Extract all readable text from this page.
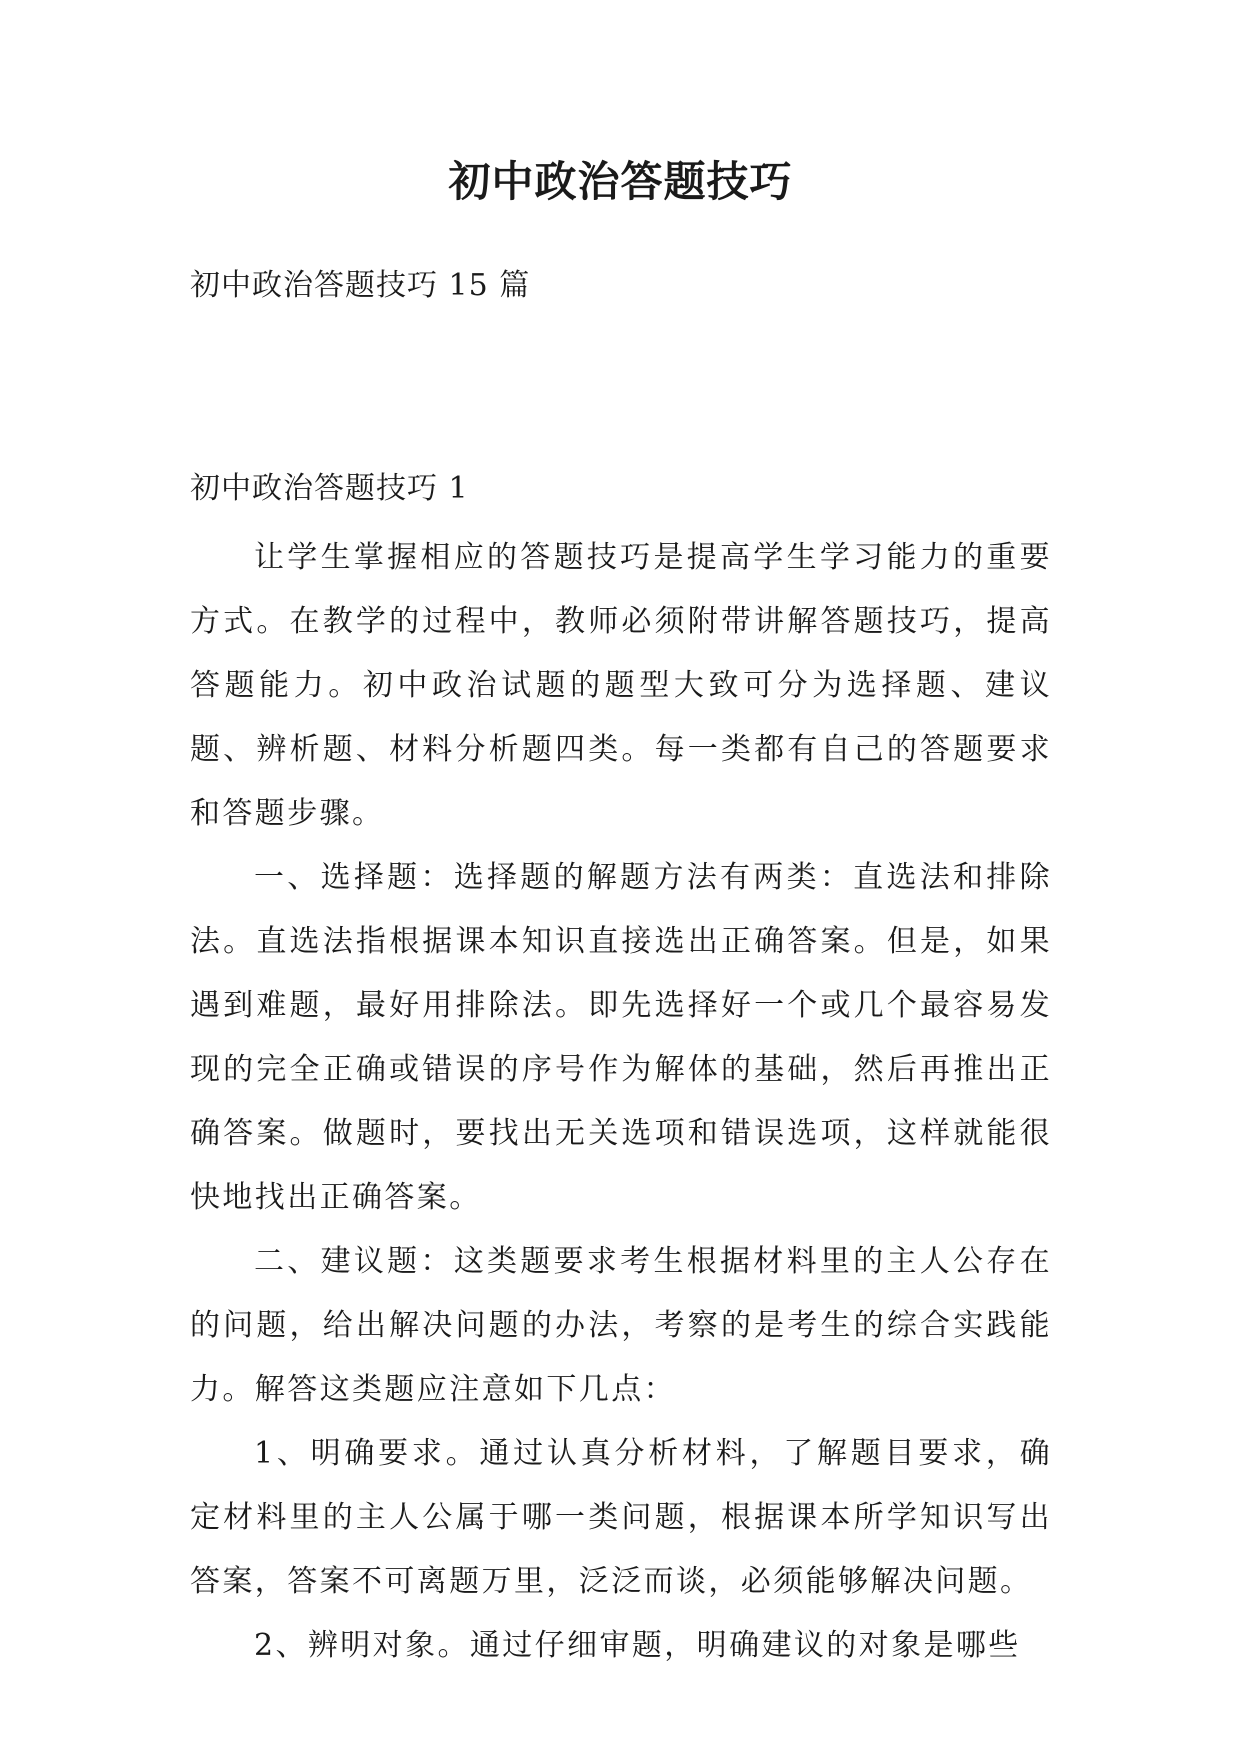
初中政治答题技巧

初中政治答题技巧 15 篇

初中政治答题技巧 1

让学生掌握相应的答题技巧是提高学生学习能力的重要方式。在教学的过程中，教师必须附带讲解答题技巧，提高答题能力。初中政治试题的题型大致可分为选择题、建议题、辨析题、材料分析题四类。每一类都有自己的答题要求和答题步骤。

一、选择题：选择题的解题方法有两类：直选法和排除法。直选法指根据课本知识直接选出正确答案。但是，如果遇到难题，最好用排除法。即先选择好一个或几个最容易发现的完全正确或错误的序号作为解体的基础，然后再推出正确答案。做题时，要找出无关选项和错误选项，这样就能很快地找出正确答案。

二、建议题：这类题要求考生根据材料里的主人公存在的问题，给出解决问题的办法，考察的是考生的综合实践能力。解答这类题应注意如下几点：

1、明确要求。通过认真分析材料，了解题目要求，确定材料里的主人公属于哪一类问题，根据课本所学知识写出答案，答案不可离题万里，泛泛而谈，必须能够解决问题。

2、辨明对象。通过仔细审题，明确建议的对象是哪些
